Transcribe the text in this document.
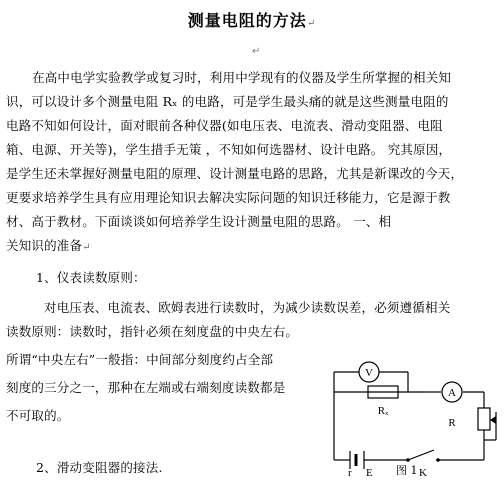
测量电阻的方法↵
↵
在高中电学实验教学或复习时，利用中学现有的仪器及学生所掌握的相关知
识，可以设计多个测量电阻 Rₓ 的电路，可是学生最头痛的就是这些测量电阻的
电路不知如何设计，面对眼前各种仪器(如电压表、电流表、滑动变阻器、电阻
箱、电源、开关等)，学生措手无策 ，不知如何选器材、设计电路。 究其原因，
是学生还未掌握好测量电阻的原理、设计测量电路的思路，尤其是新课改的今天，
更要求培养学生具有应用理论知识去解决实际问题的知识迁移能力，它是源于教
材、高于教材。下面谈谈如何培养学生设计测量电阻的思路。 一、相
关知识的准备↵
1、仪表读数原则：
对电压表、电流表、欧姆表进行读数时，为减少读数误差，必须遵循相关
读数原则：读数时，指针必须在刻度盘的中央左右。
所谓“中央左右”一般指：中间部分刻度约占全部
刻度的三分之一，那种在左端或右端刻度读数都是
不可取的。
2、滑动变阻器的接法.
V
A
Rₓ
R
r E	K
图 1
